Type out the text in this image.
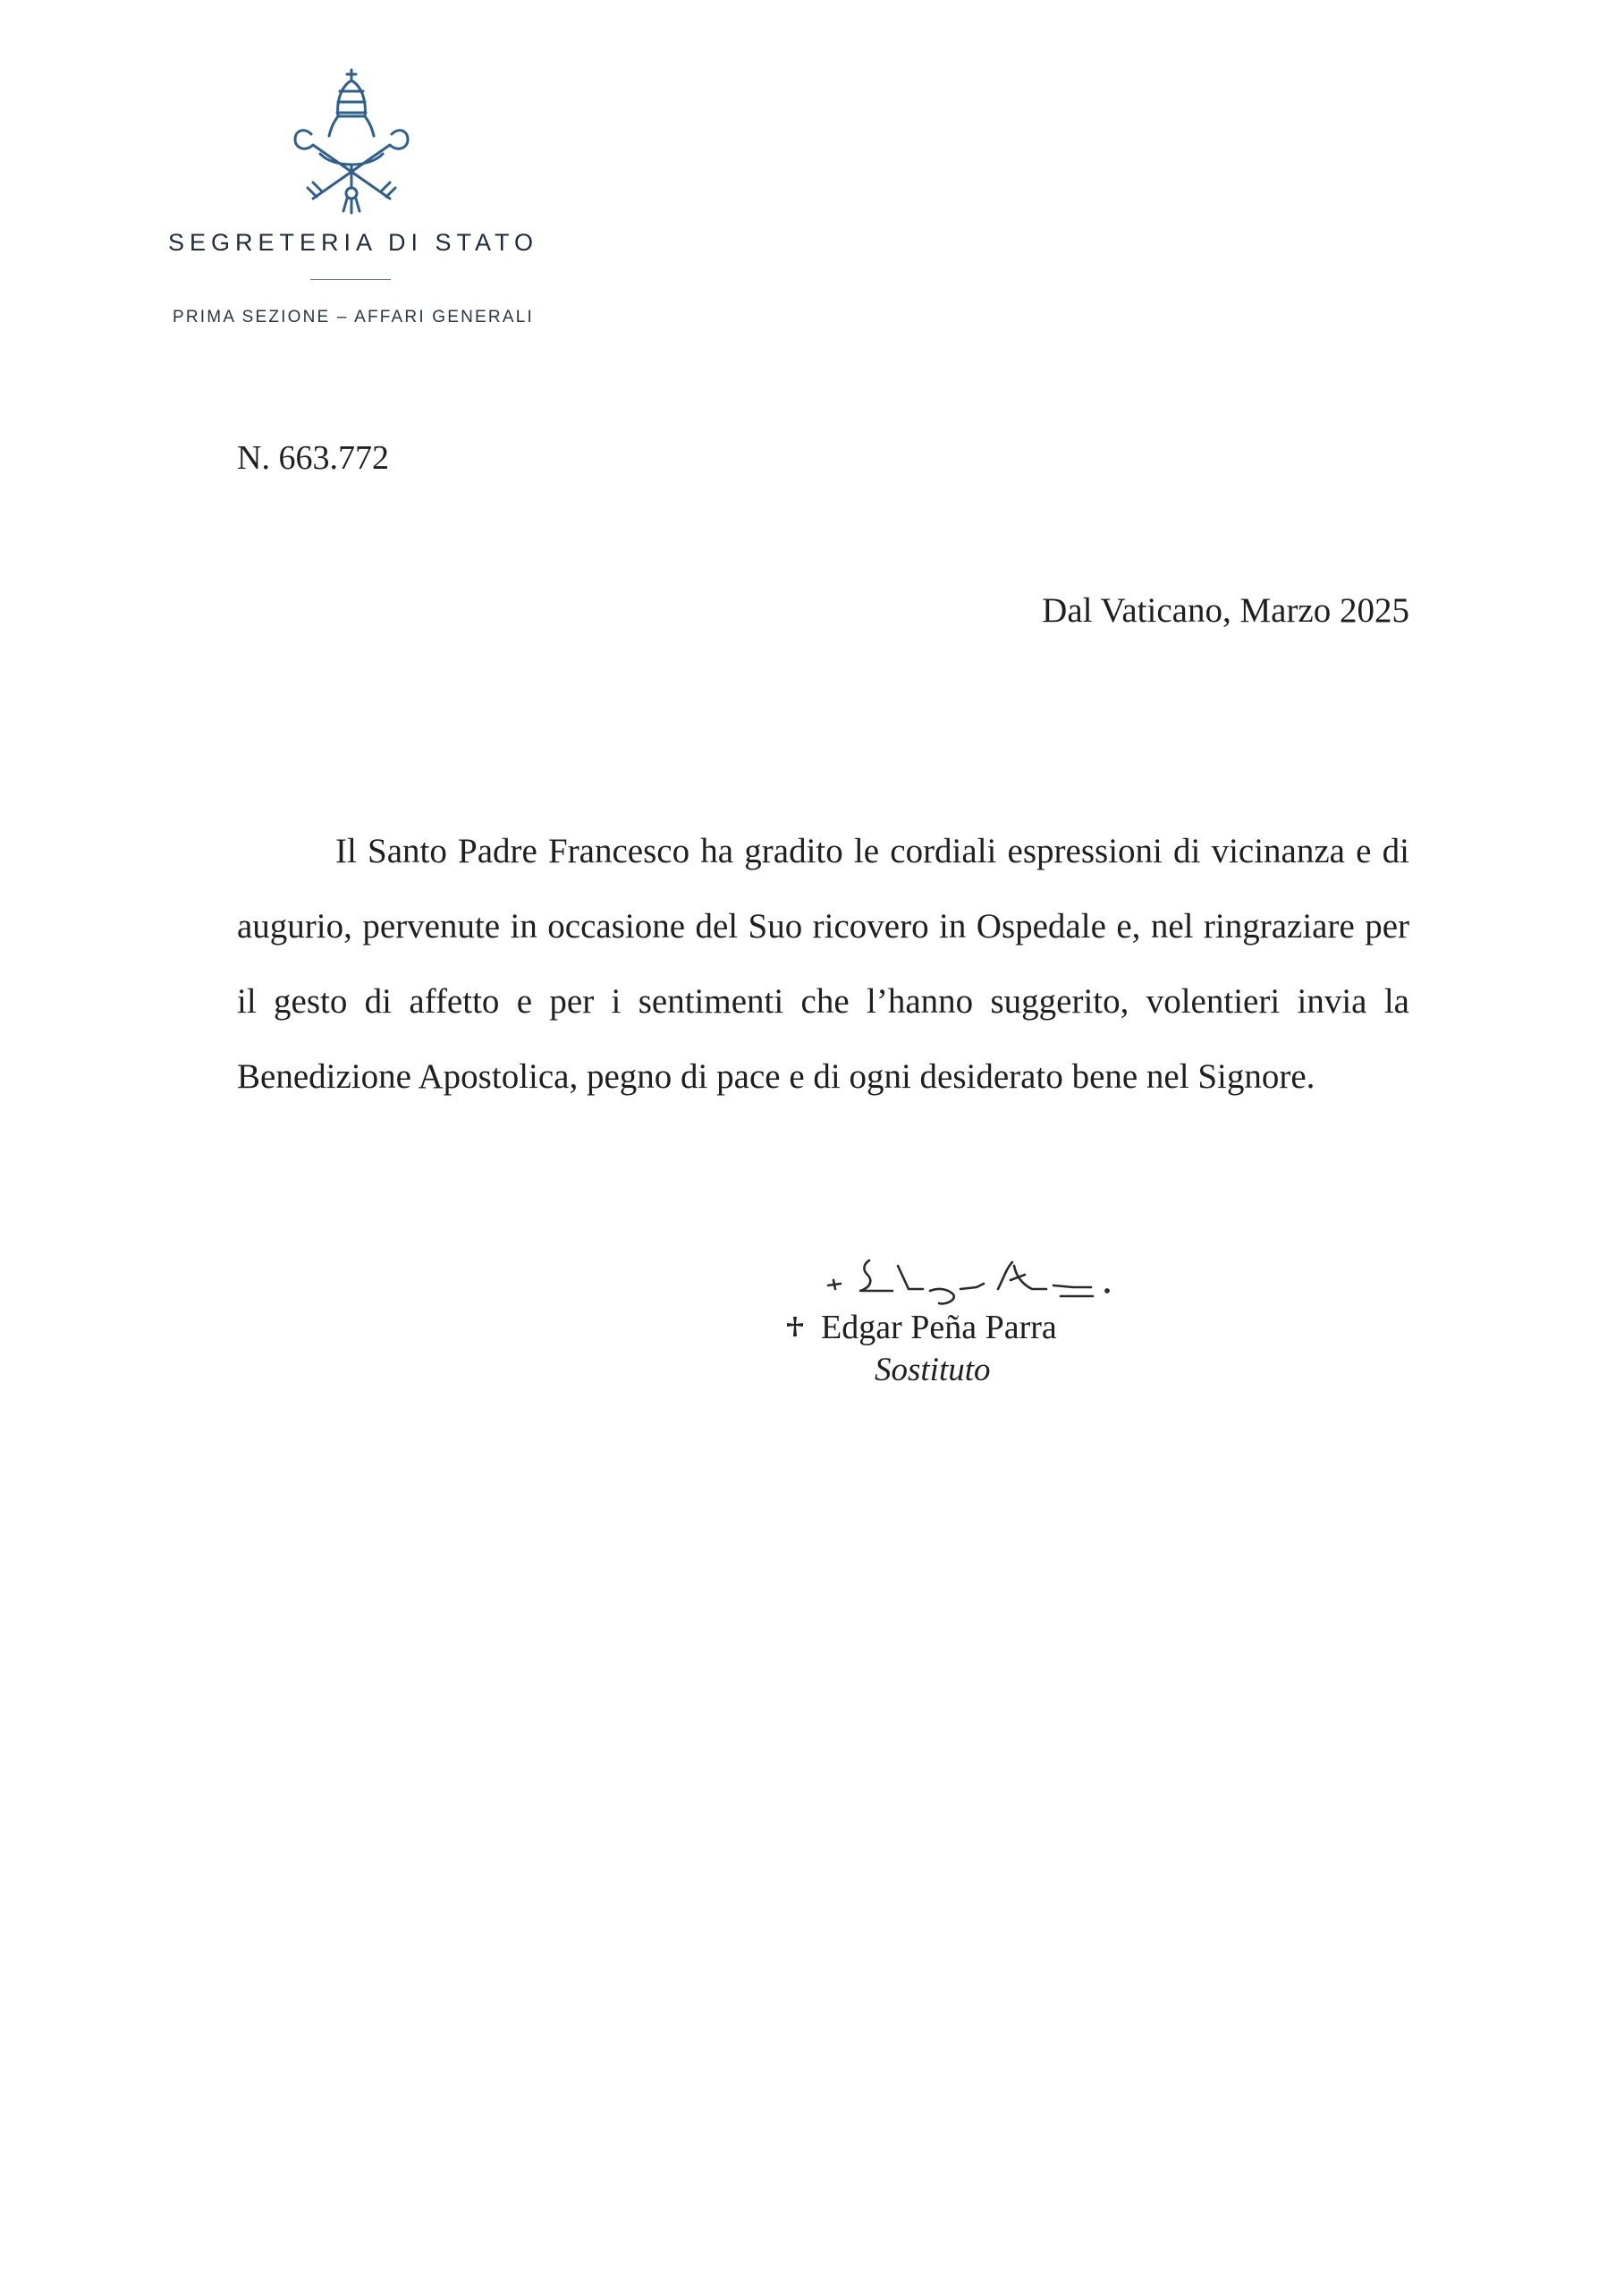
SEGRETERIA DI STATO
PRIMA SEZIONE – AFFARI GENERALI
N. 663.772
Dal Vaticano, Marzo 2025

Il Santo Padre Francesco ha gradito le cordiali espressioni di vicinanza e di augurio, pervenute in occasione del Suo ricovero in Ospedale e, nel ringraziare per il gesto di affetto e per i sentimenti che l’hanno suggerito, volentieri invia la Benedizione Apostolica, pegno di pace e di ogni desiderato bene nel Signore.

Edgar Peña Parra
Sostituto
